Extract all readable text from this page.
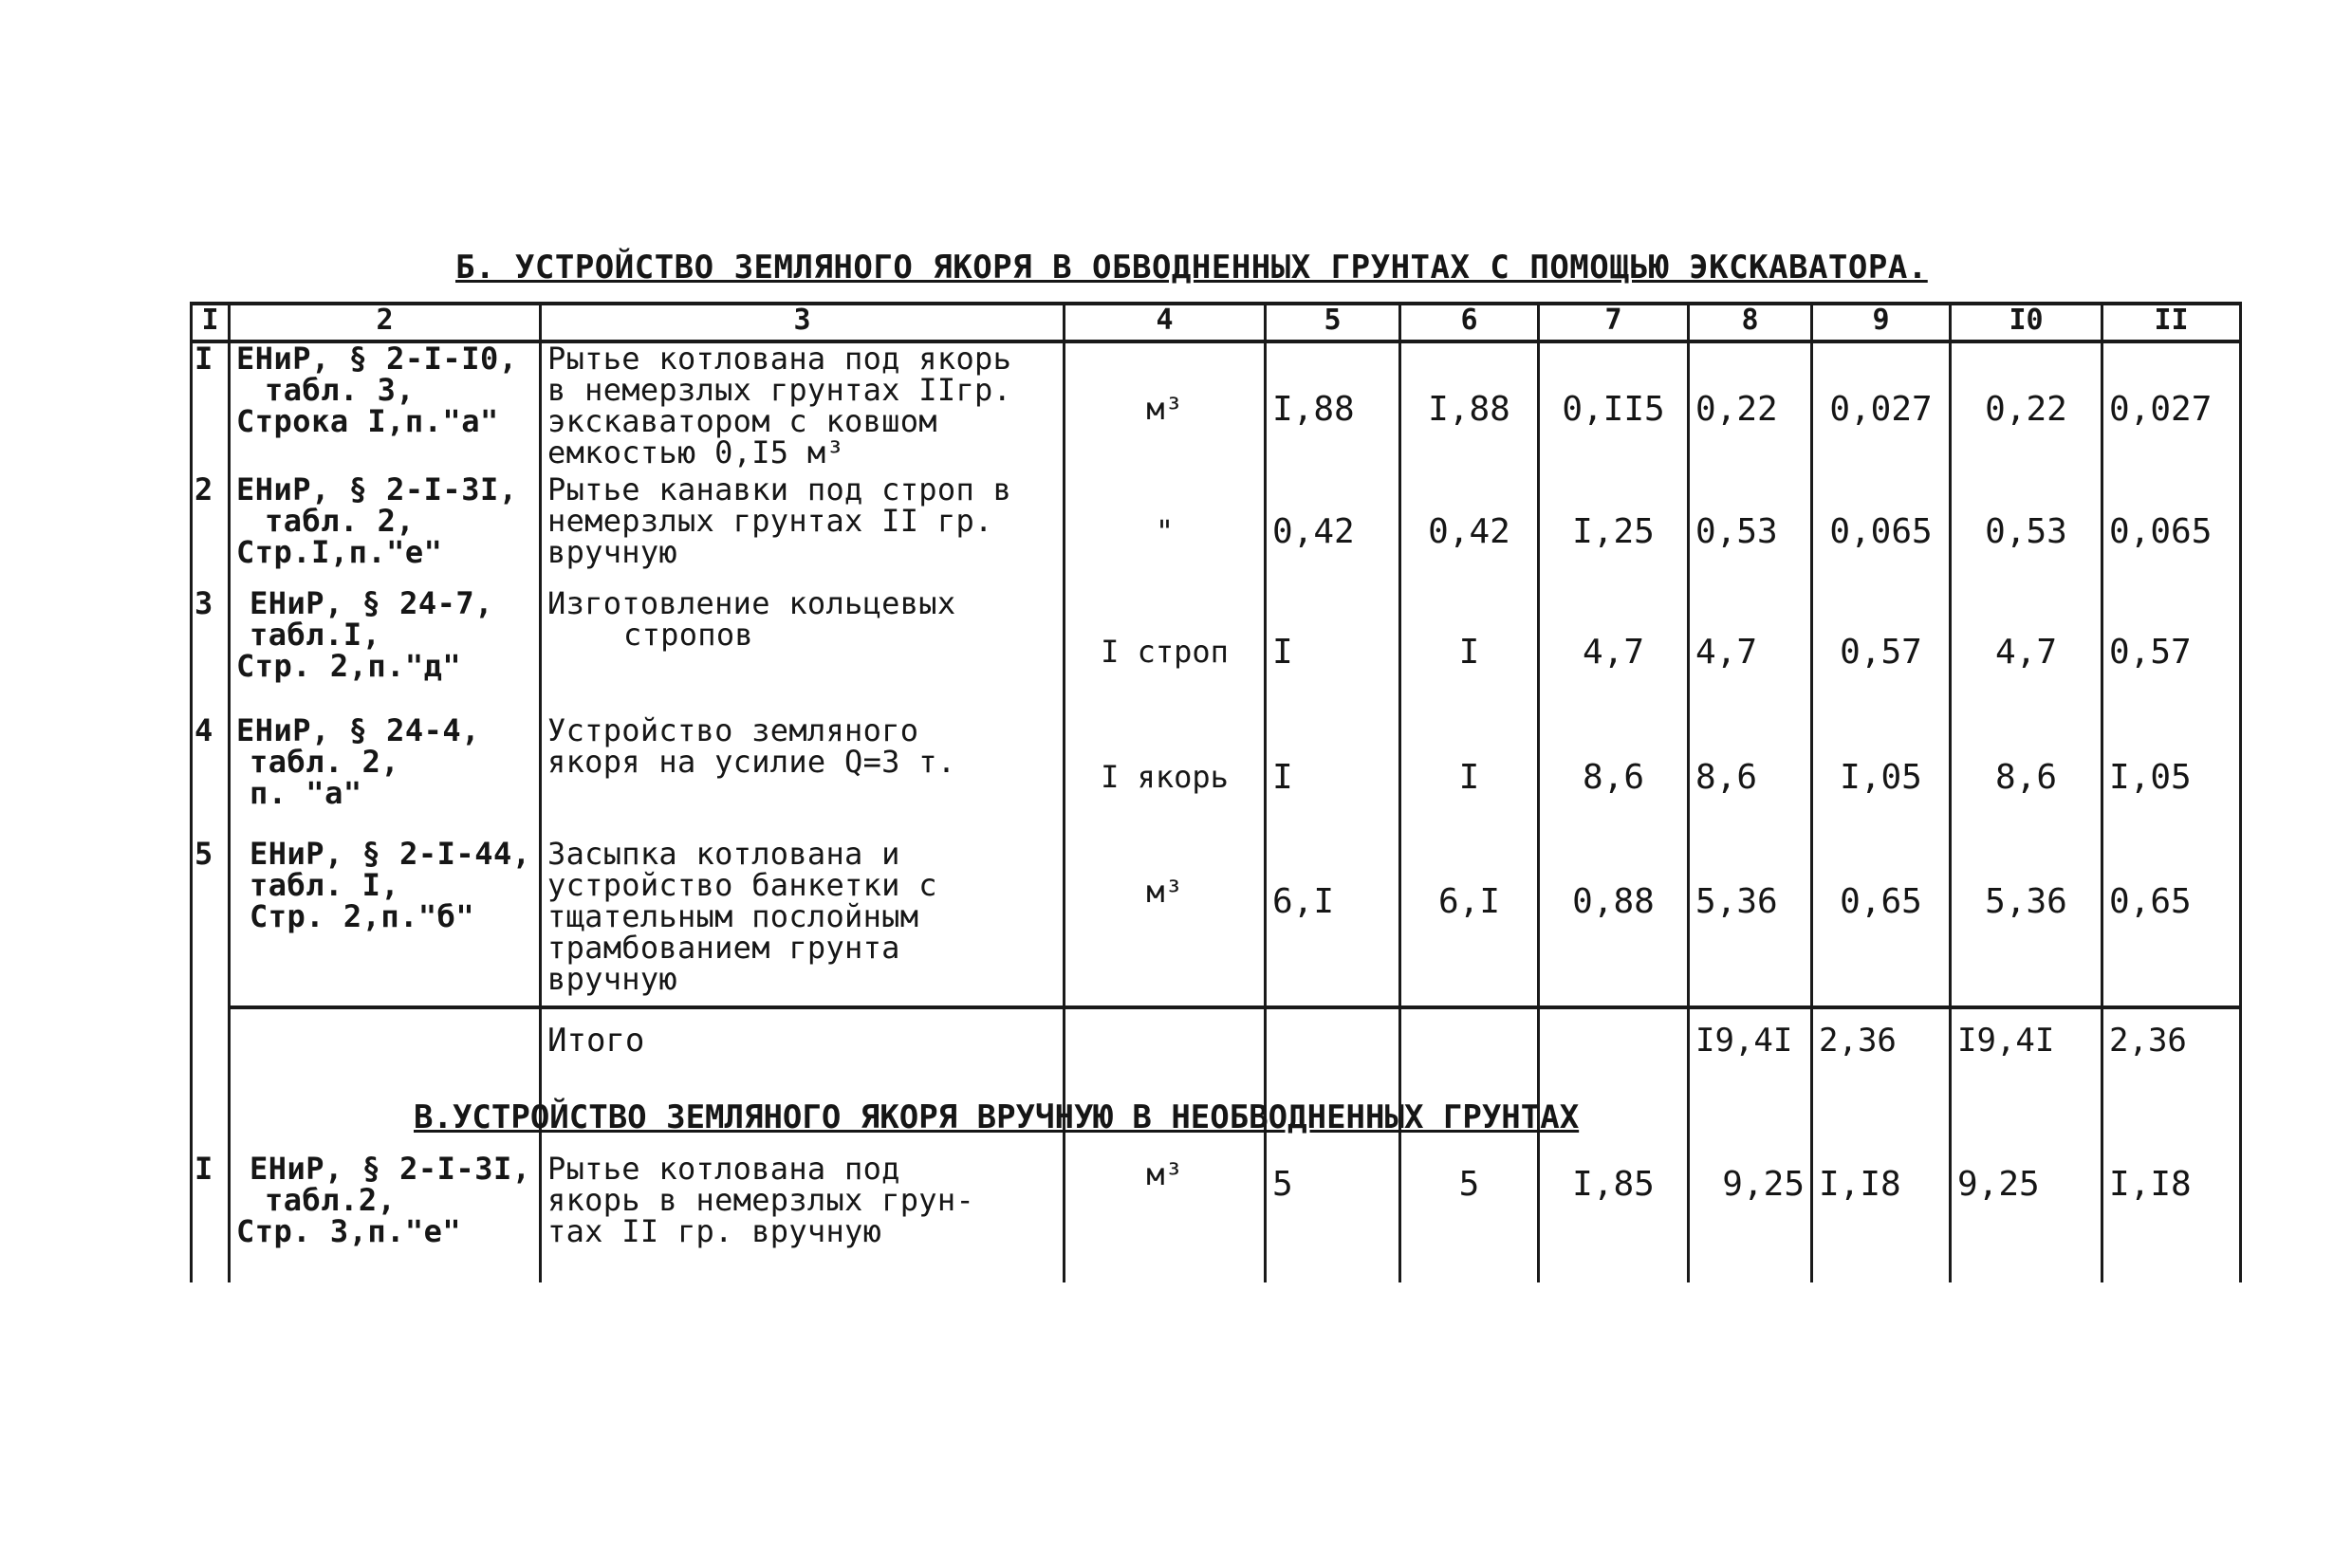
Б. УСТРОЙСТВО ЗЕМЛЯНОГО ЯКОРЯ В ОБВОДНЕННЫХ ГРУНТАХ С ПОМОЩЬЮ ЭКСКАВАТОРА.
I	2	3	4	5	6	7	8	9	I0	II
I	ЕНиР, § 2-I-I0,
табл. 3,
Строка I,п."а"	Рытье котлована под якорь
в немерзлых грунтах IIгр.
экскаватором с ковшом
емкостью 0,I5 м³	м³	I,88	I,88	0,II5	0,22	0,027	0,22	0,027
2	ЕНиР, § 2-I-3I,
табл. 2,
Стр.I,п."е"	Рытье канавки под строп в
немерзлых грунтах II гр.
вручную	"	0,42	0,42	I,25	0,53	0,065	0,53	0,065
3	ЕНиР, § 24-7,
табл.I,
Стр. 2,п."д"	Изготовление кольцевых
стропов	I строп	I	I	4,7	4,7	0,57	4,7	0,57
4	ЕНиР, § 24-4,
табл. 2,
п. "а"	Устройство земляного
якоря на усилие Q=3 т.	I якорь	I	I	8,6	8,6	I,05	8,6	I,05
5	ЕНиР, § 2-I-44,
табл. I,
Стр. 2,п."б"	Засыпка котлована и
устройство банкетки с
тщательным послойным
трамбованием грунта
вручную	м³	6,I	6,I	0,88	5,36	0,65	5,36	0,65
		Итого					I9,4I	2,36	I9,4I	2,36

I	ЕНиР, § 2-I-3I,
табл.2,
Стр. 3,п."е"	Рытье котлована под
якорь в немерзлых грун-
тах II гр. вручную	м³	5	5	I,85	9,25	I,I8	9,25	I,I8
В.УСТРОЙСТВО ЗЕМЛЯНОГО ЯКОРЯ ВРУЧНУЮ В НЕОБВОДНЕННЫХ ГРУНТАХ
